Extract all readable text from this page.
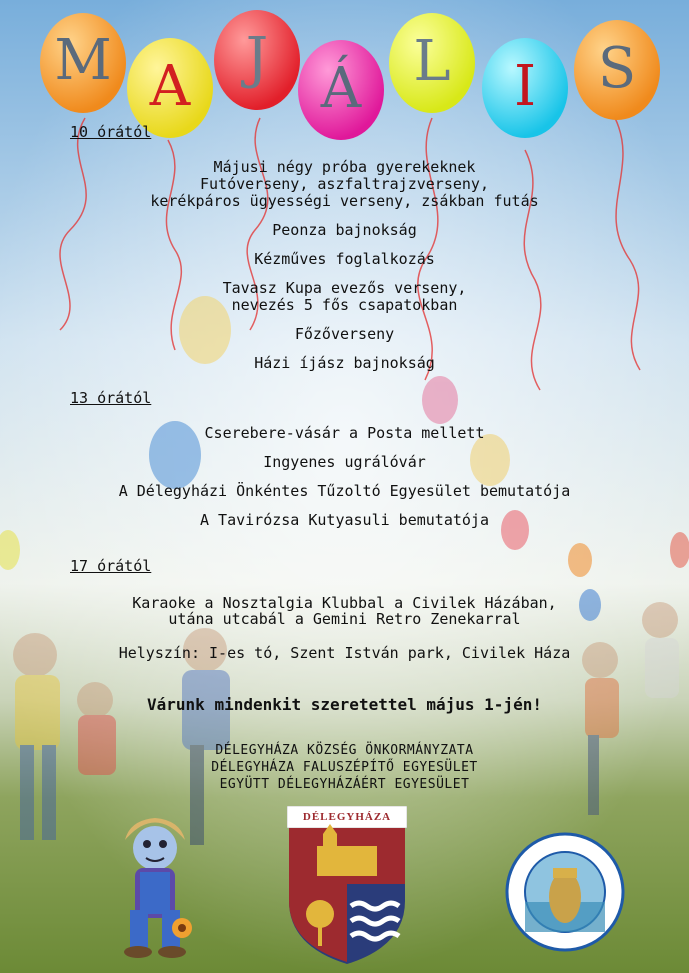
M A J Á L	I	S
10 órától
Májusi négy próba gyerekeknek
Futóverseny, aszfaltrajzverseny,
kerékpáros ügyességi verseny, zsákban futás
Peonza bajnokság
Kézműves foglalkozás
Tavasz Kupa evezős verseny,
nevezés 5 fős csapatokban
Főzőverseny
Házi íjász bajnokság
13 órától
Cserebere-vásár a Posta mellett
Ingyenes ugrálóvár
A Délegyházi Önkéntes Tűzoltó Egyesület bemutatója
A Tavirózsa Kutyasuli bemutatója
17 órától
Karaoke a Nosztalgia Klubbal a Civilek Házában,
utána utcabál a Gemini Retro Zenekarral
Helyszín: I-es tó, Szent István park, Civilek Háza
Várunk mindenkit szeretettel május 1-jén!
DÉLEGYHÁZA KÖZSÉG ÖNKORMÁNYZATA
DÉLEGYHÁZA FALUSZÉPÍTŐ EGYESÜLET
EGYÜTT DÉLEGYHÁZÁÉRT EGYESÜLET
DÉLEGYHÁZA
